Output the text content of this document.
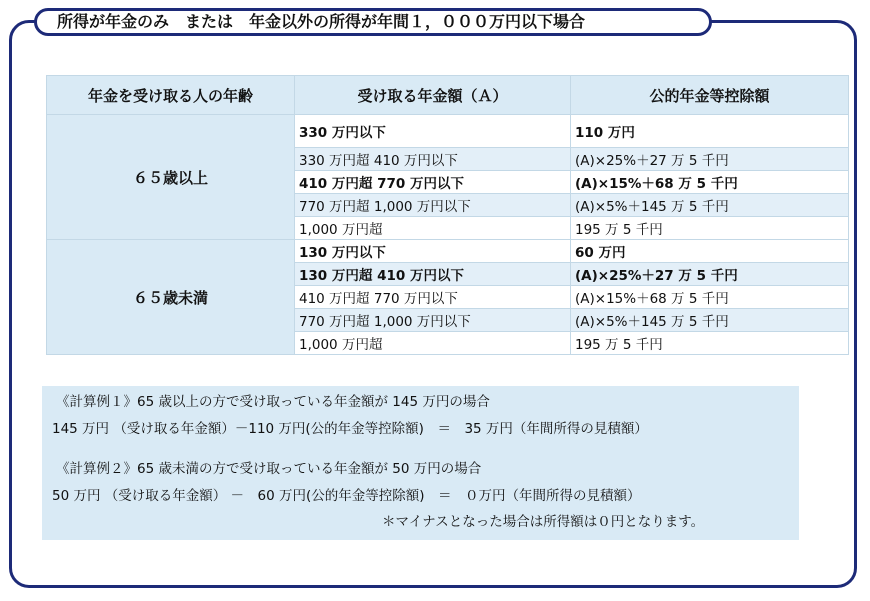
所得が年金のみ　または　年金以外の所得が年間１，０００万円以下場合
年金を受け取る人の年齢	受け取る年金額（Ａ）	公的年金等控除額
６５歳以上	330 万円以下	110 万円
	330 万円超 410 万円以下	(A)×25%＋27 万 5 千円
	410 万円超 770 万円以下	(A)×15%＋68 万 5 千円
	770 万円超 1,000 万円以下	(A)×5%＋145 万 5 千円
	1,000 万円超	195 万 5 千円
６５歳未満	130 万円以下	60 万円
	130 万円超 410 万円以下	(A)×25%＋27 万 5 千円
	410 万円超 770 万円以下	(A)×15%＋68 万 5 千円
	770 万円超 1,000 万円以下	(A)×5%＋145 万 5 千円
	1,000 万円超	195 万 5 千円
《計算例１》65 歳以上の方で受け取っている年金額が 145 万円の場合
145 万円 （受け取る年金額）－110 万円(公的年金等控除額)　＝　35 万円（年間所得の見積額）
《計算例２》65 歳未満の方で受け取っている年金額が 50 万円の場合
50 万円 （受け取る年金額） －　60 万円(公的年金等控除額)　＝　０万円（年間所得の見積額）
＊マイナスとなった場合は所得額は０円となります。
